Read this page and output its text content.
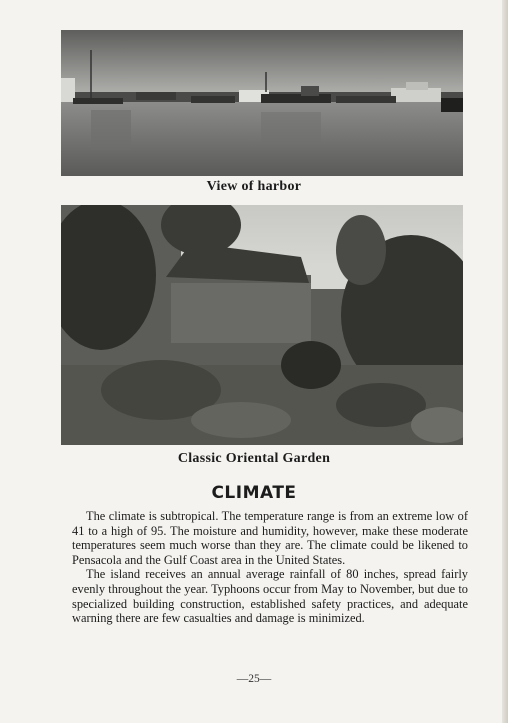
View of harbor
Classic Oriental Garden
CLIMATE

The climate is subtropical. The temperature range is from an extreme low of 41 to a high of 95. The moisture and humidity, however, make these moderate temperatures seem much worse than they are. The climate could be likened to Pensacola and the Gulf Coast area in the United States.

The island receives an annual average rainfall of 80 inches, spread fairly evenly throughout the year. Typhoons occur from May to November, but due to specialized building construction, established safety practices, and adequate warning there are few casualties and damage is minimized.

—25—
